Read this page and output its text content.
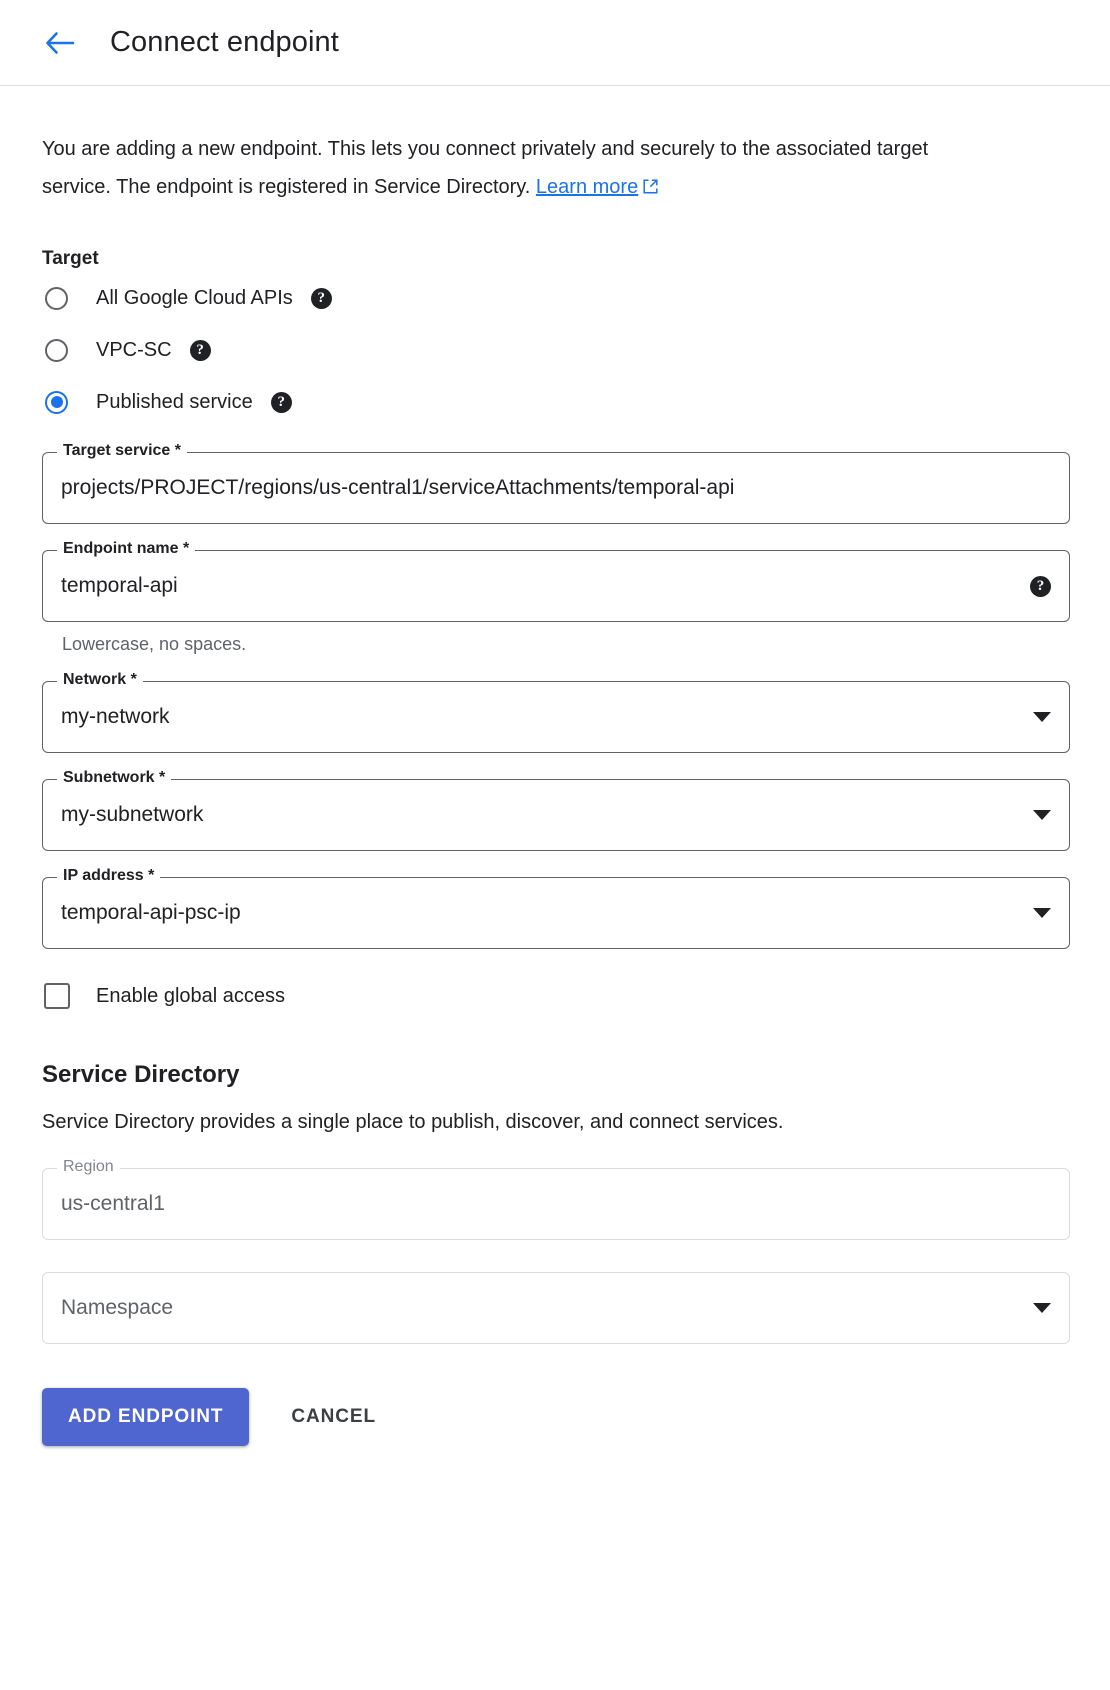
Connect endpoint
You are adding a new endpoint. This lets you connect privately and securely to the associated target service. The endpoint is registered in Service Directory. Learn more
Target
All Google Cloud APIs	?
VPC-SC	?
Published service	?
Target service *
projects/PROJECT/regions/us-central1/serviceAttachments/temporal-api
Endpoint name *
temporal-api	?
Lowercase, no spaces.
Network *
my-network
Subnetwork *
my-subnetwork
IP address *
temporal-api-psc-ip
Enable global access
Service Directory
Service Directory provides a single place to publish, discover, and connect services.
Region
us-central1
Namespace
ADD ENDPOINT	CANCEL
